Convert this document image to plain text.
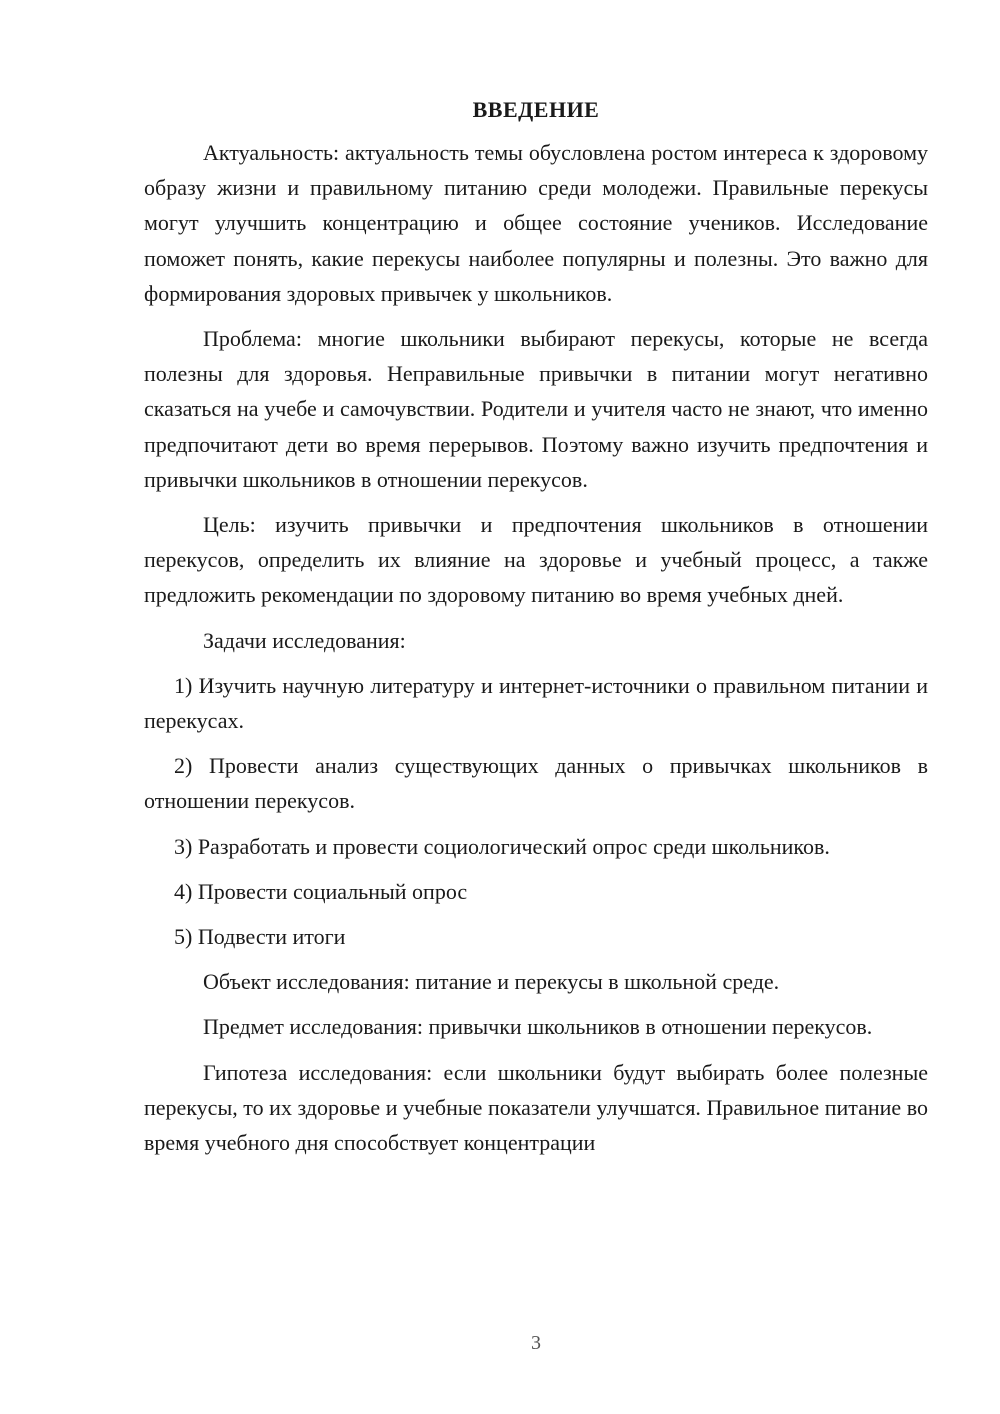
ВВЕДЕНИЕ

Актуальность: актуальность темы обусловлена ростом интереса к здоровому образу жизни и правильному питанию среди молодежи. Правильные перекусы могут улучшить концентрацию и общее состояние учеников. Исследование поможет понять, какие перекусы наиболее популярны и полезны. Это важно для формирования здоровых привычек у школьников.

Проблема: многие школьники выбирают перекусы, которые не всегда полезны для здоровья. Неправильные привычки в питании могут негативно сказаться на учебе и самочувствии. Родители и учителя часто не знают, что именно предпочитают дети во время перерывов. Поэтому важно изучить предпочтения и привычки школьников в отношении перекусов.

Цель: изучить привычки и предпочтения школьников в отношении перекусов, определить их влияние на здоровье и учебный процесс, а также предложить рекомендации по здоровому питанию во время учебных дней.

Задачи исследования:

1) Изучить научную литературу и интернет-источники о правильном питании и перекусах.

2) Провести анализ существующих данных о привычках школьников в отношении перекусов.

3) Разработать и провести социологический опрос среди школьников.

4) Провести социальный опрос

5) Подвести итоги

Объект исследования: питание и перекусы в школьной среде.

Предмет исследования: привычки школьников в отношении перекусов.

Гипотеза исследования: если школьники будут выбирать более полезные перекусы, то их здоровье и учебные показатели улучшатся. Правильное питание во время учебного дня способствует концентрации

3
